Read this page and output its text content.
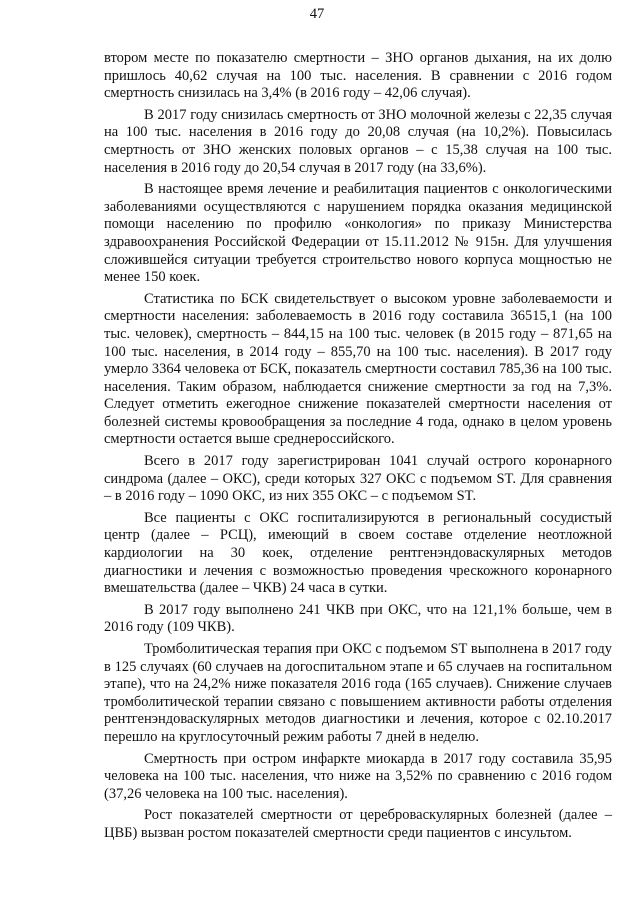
47

втором месте по показателю смертности – ЗНО органов дыхания, на их долю пришлось 40,62 случая на 100 тыс. населения. В сравнении с 2016 годом смертность снизилась на 3,4% (в 2016 году – 42,06 случая).

В 2017 году снизилась смертность от ЗНО молочной железы с 22,35 случая на 100 тыс. населения в 2016 году до 20,08 случая (на 10,2%). Повысилась смертность от ЗНО женских половых органов – с 15,38 случая на 100 тыс. населения в 2016 году до 20,54 случая в 2017 году (на 33,6%).

В настоящее время лечение и реабилитация пациентов с онкологическими заболеваниями осуществляются с нарушением порядка оказания медицинской помощи населению по профилю «онкология» по приказу Министерства здравоохранения Российской Федерации от 15.11.2012 № 915н. Для улучшения сложившейся ситуации требуется строительство нового корпуса мощностью не менее 150 коек.

Статистика по БСК свидетельствует о высоком уровне заболеваемости и смертности населения: заболеваемость в 2016 году составила 36515,1 (на 100 тыс. человек), смертность – 844,15 на 100 тыс. человек (в 2015 году – 871,65 на 100 тыс. населения, в 2014 году – 855,70 на 100 тыс. населения). В 2017 году умерло 3364 человека от БСК, показатель смертности составил 785,36 на 100 тыс. населения. Таким образом, наблюдается снижение смертности за год на 7,3%. Следует отметить ежегодное снижение показателей смертности населения от болезней системы кровообращения за последние 4 года, однако в целом уровень смертности остается выше среднероссийского.

Всего в 2017 году зарегистрирован 1041 случай острого коронарного синдрома (далее – ОКС), среди которых 327 ОКС с подъемом ST. Для сравнения – в 2016 году – 1090 ОКС, из них 355 ОКС – с подъемом ST.

Все пациенты с ОКС госпитализируются в региональный сосудистый центр (далее – РСЦ), имеющий в своем составе отделение неотложной кардиологии на 30 коек, отделение рентгенэндоваскулярных методов диагностики и лечения с возможностью проведения чрескожного коронарного вмешательства (далее – ЧКВ) 24 часа в сутки.

В 2017 году выполнено 241 ЧКВ при ОКС, что на 121,1% больше, чем в 2016 году (109 ЧКВ).

Тромболитическая терапия при ОКС с подъемом ST выполнена в 2017 году в 125 случаях (60 случаев на догоспитальном этапе и 65 случаев на госпитальном этапе), что на 24,2% ниже показателя 2016 года (165 случаев). Снижение случаев тромболитической терапии связано с повышением активности работы отделения рентгенэндоваскулярных методов диагностики и лечения, которое с 02.10.2017 перешло на круглосуточный режим работы 7 дней в неделю.

Смертность при остром инфаркте миокарда в 2017 году составила 35,95 человека на 100 тыс. населения, что ниже на 3,52% по сравнению с 2016 годом (37,26 человека на 100 тыс. населения).

Рост показателей смертности от цереброваскулярных болезней (далее – ЦВБ) вызван ростом показателей смертности среди пациентов с инсультом.
